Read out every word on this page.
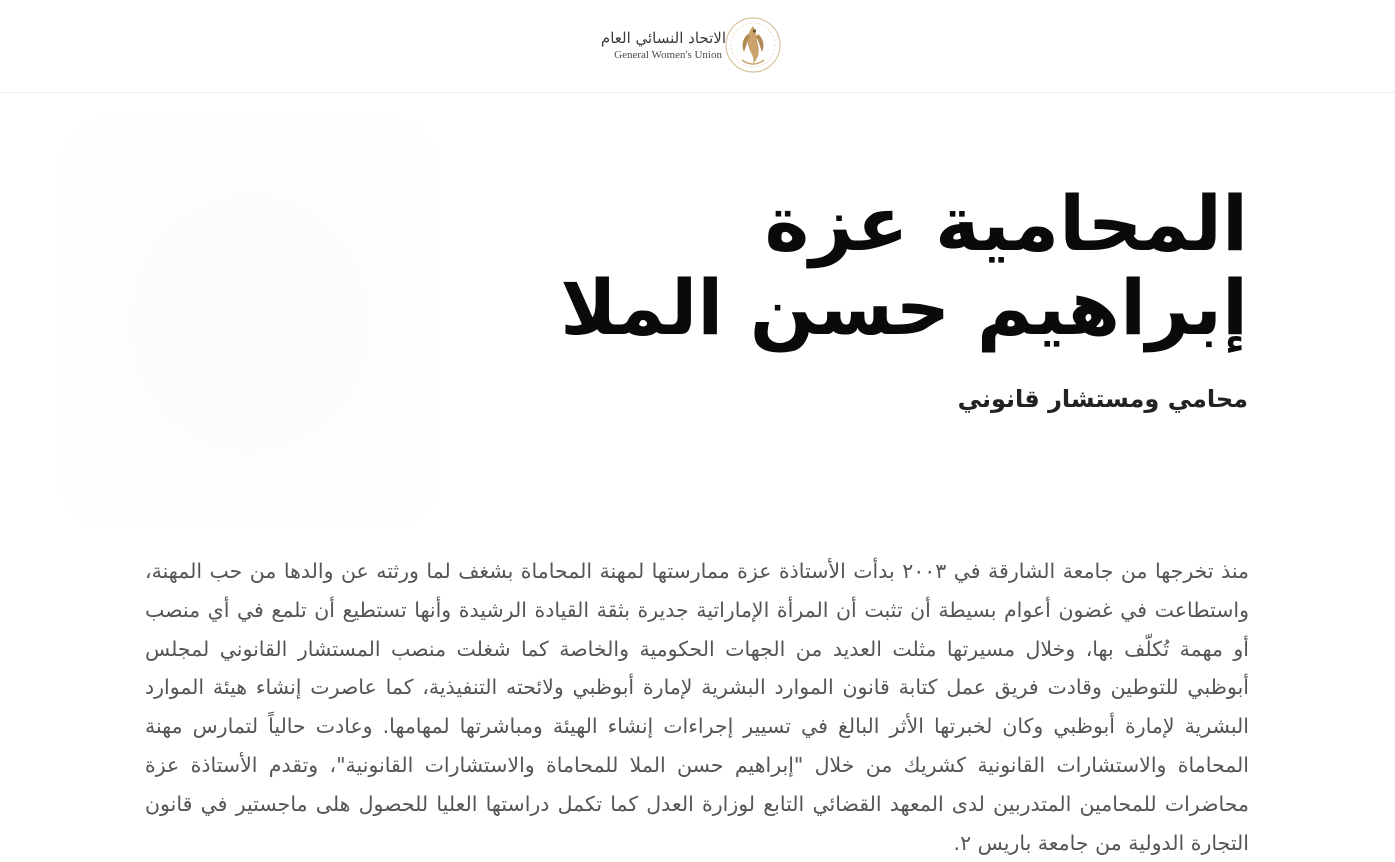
الاتحاد النسائي العام
General Women's Union
المحامية عزة إبراهيم حسن الملا
محامي ومستشار قانوني

منذ تخرجها من جامعة الشارقة في ٢٠٠٣ بدأت الأستاذة عزة ممارستها لمهنة المحاماة بشغف لما ورثته عن والدها من حب المهنة، واستطاعت في غضون أعوام بسيطة أن تثبت أن المرأة الإماراتية جديرة بثقة القيادة الرشيدة وأنها تستطيع أن تلمع في أي منصب أو مهمة تُكلّف بها، وخلال مسيرتها مثلت العديد من الجهات الحكومية والخاصة كما شغلت منصب المستشار القانوني لمجلس أبوظبي للتوطين وقادت فريق عمل كتابة قانون الموارد البشرية لإمارة أبوظبي ولائحته التنفيذية، كما عاصرت إنشاء هيئة الموارد البشرية لإمارة أبوظبي وكان لخبرتها الأثر البالغ في تسيير إجراءات إنشاء الهيئة ومباشرتها لمهامها. وعادت حالياً لتمارس مهنة المحاماة والاستشارات القانونية كشريك من خلال "إبراهيم حسن الملا للمحاماة والاستشارات القانونية"، وتقدم الأستاذة عزة محاضرات للمحامين المتدربين لدى المعهد القضائي التابع لوزارة العدل كما تكمل دراستها العليا للحصول هلى ماجستير في قانون التجارة الدولية من جامعة باريس ٢.
